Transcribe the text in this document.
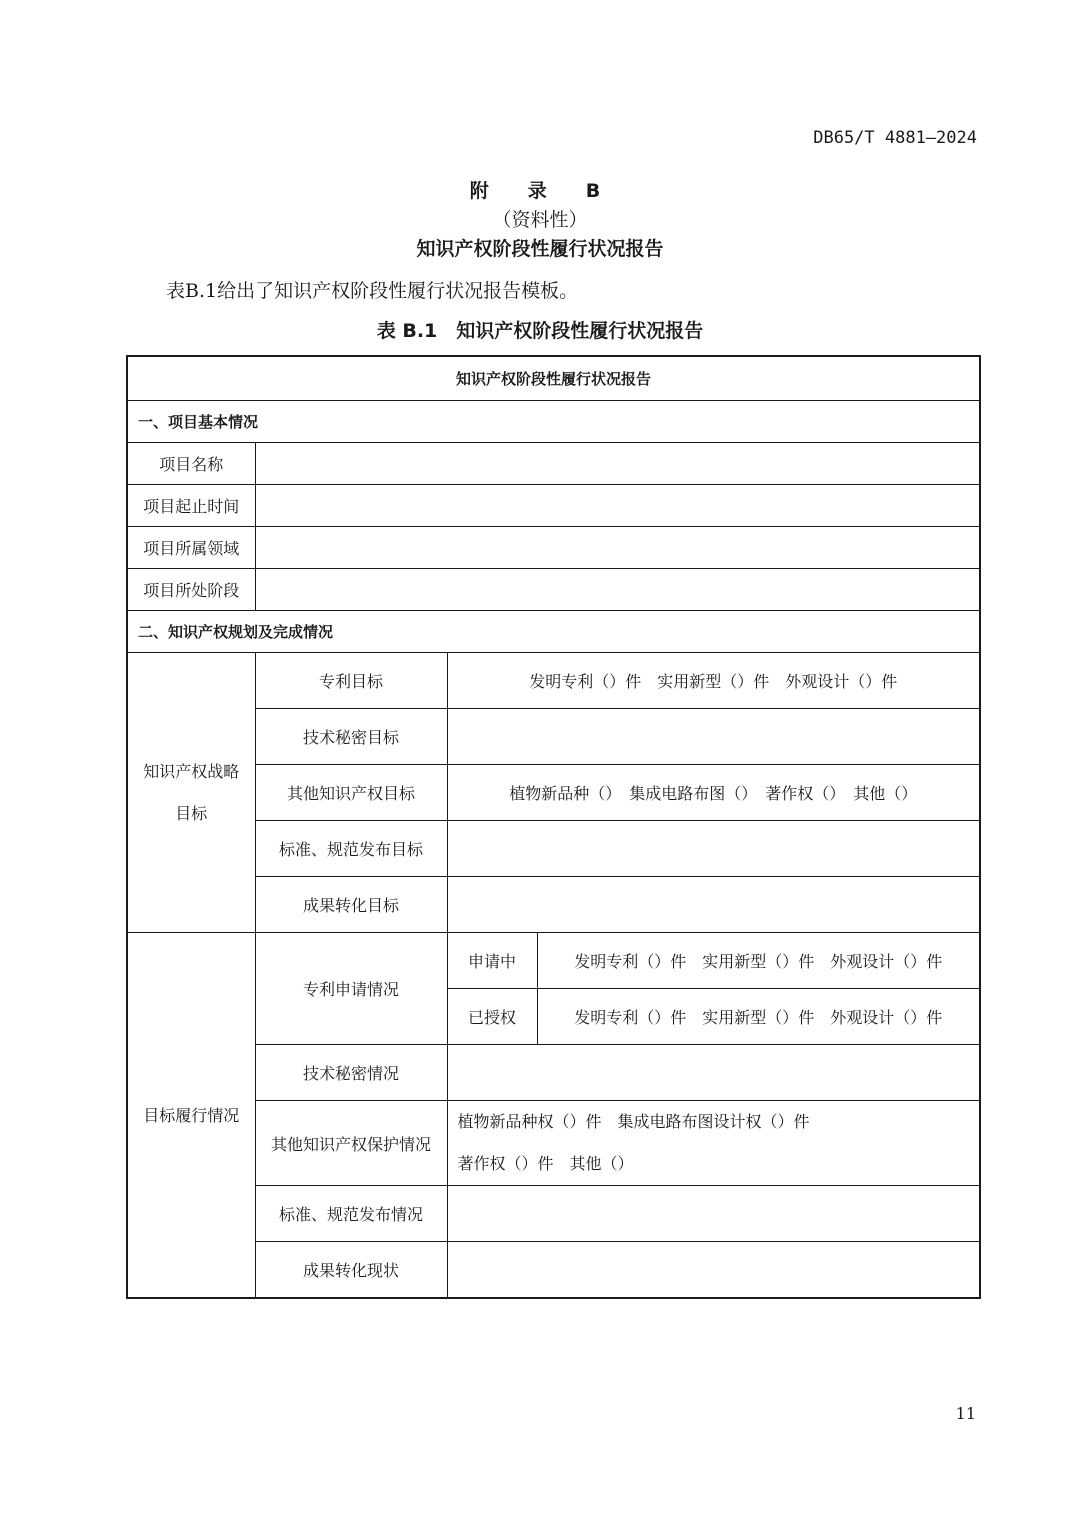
DB65/T 4881—2024
附　录　B
（资料性）
知识产权阶段性履行状况报告
表B.1给出了知识产权阶段性履行状况报告模板。
表 B.1　知识产权阶段性履行状况报告
知识产权阶段性履行状况报告			
一、项目基本情况			
项目名称			
项目起止时间			
项目所属领域			
项目所处阶段			
二、知识产权规划及完成情况			

知识产权战略
目标	专利目标	发明专利（）件　实用新型（）件　外观设计（）件	
	技术秘密目标		
	其他知识产权目标	植物新品种（）　集成电路布图（）　著作权（）　其他（）	
	标准、规范发布目标		
	成果转化目标		
目标履行情况	专利申请情况	申请中	发明专利（）件　实用新型（）件　外观设计（）件
		已授权	发明专利（）件　实用新型（）件　外观设计（）件
	技术秘密情况		
	其他知识产权保护情况	植物新品种权（）件　集成电路布图设计权（）件
著作权（）件　其他（）	

	标准、规范发布情况		
	成果转化现状		
11
